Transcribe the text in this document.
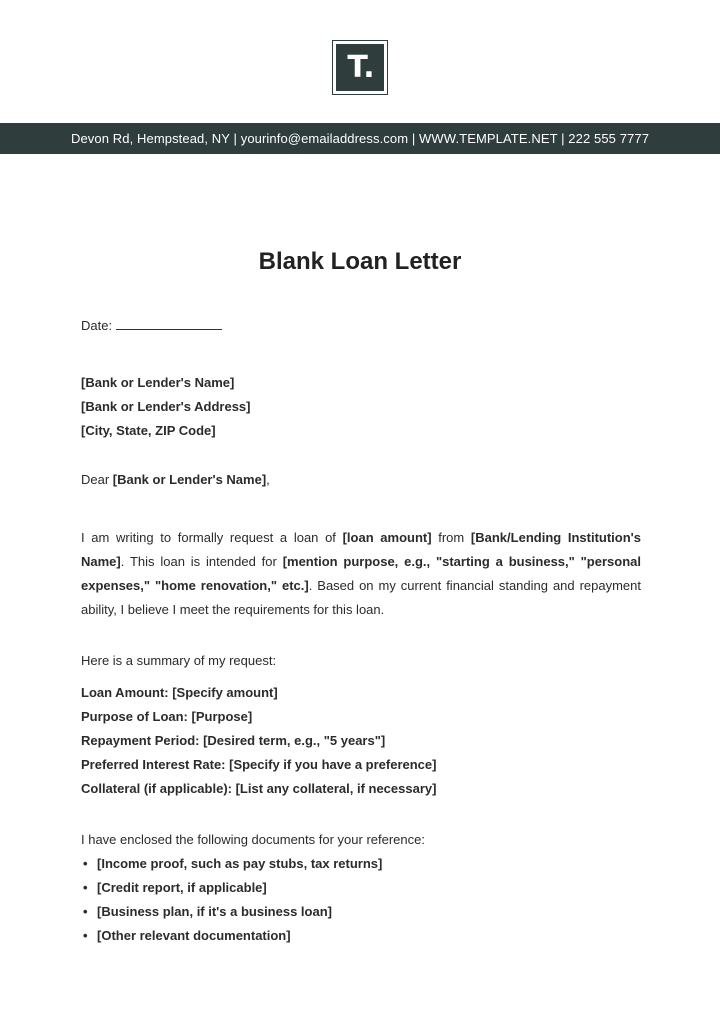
T.
Devon Rd, Hempstead, NY | yourinfo@emailaddress.com | WWW.TEMPLATE.NET | 222 555 7777
Blank Loan Letter
Date:
[Bank or Lender's Name]
[Bank or Lender's Address]
[City, State, ZIP Code]
Dear [Bank or Lender's Name],
I am writing to formally request a loan of [loan amount] from [Bank/Lending Institution's Name]. This loan is intended for [mention purpose, e.g., "starting a business," "personal expenses," "home renovation," etc.]. Based on my current financial standing and repayment ability, I believe I meet the requirements for this loan.
Here is a summary of my request:
Loan Amount: [Specify amount]
Purpose of Loan: [Purpose]
Repayment Period: [Desired term, e.g., "5 years"]
Preferred Interest Rate: [Specify if you have a preference]
Collateral (if applicable): [List any collateral, if necessary]
I have enclosed the following documents for your reference:
• [Income proof, such as pay stubs, tax returns]
• [Credit report, if applicable]
• [Business plan, if it's a business loan]
• [Other relevant documentation]
